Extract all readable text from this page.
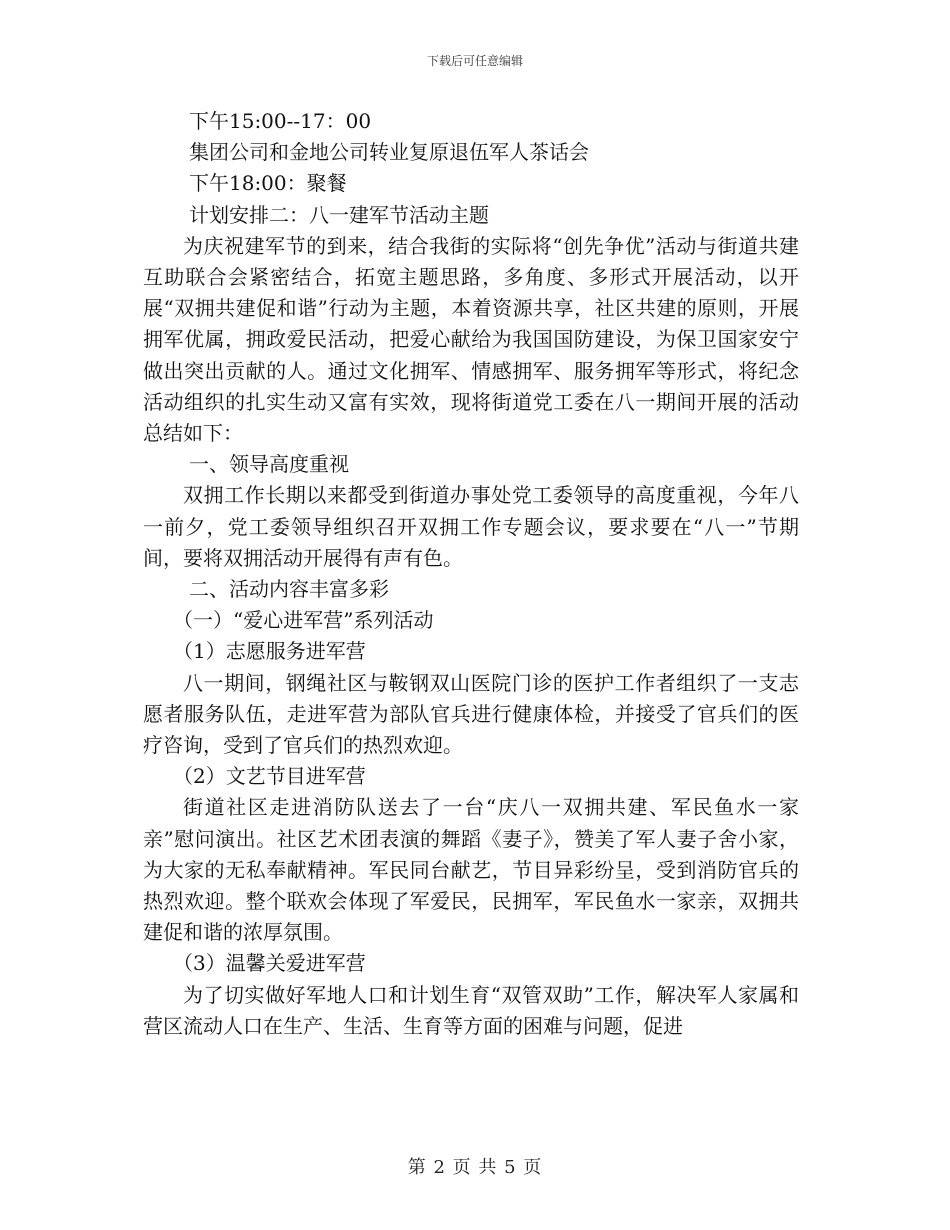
下载后可任意编辑

下午15:00--17：00

集团公司和金地公司转业复原退伍军人茶话会

下午18:00：聚餐

计划安排二：八一建军节活动主题

为庆祝建军节的到来，结合我街的实际将“创先争优”活动与街道共建互助联合会紧密结合，拓宽主题思路，多角度、多形式开展活动，以开展“双拥共建促和谐”行动为主题，本着资源共享，社区共建的原则，开展拥军优属，拥政爱民活动，把爱心献给为我国国防建设，为保卫国家安宁做出突出贡献的人。通过文化拥军、情感拥军、服务拥军等形式，将纪念活动组织的扎实生动又富有实效，现将街道党工委在八一期间开展的活动总结如下：

一、领导高度重视

双拥工作长期以来都受到街道办事处党工委领导的高度重视，今年八一前夕，党工委领导组织召开双拥工作专题会议，要求要在“八一”节期间，要将双拥活动开展得有声有色。

二、活动内容丰富多彩

（一）“爱心进军营”系列活动

（1）志愿服务进军营

八一期间，钢绳社区与鞍钢双山医院门诊的医护工作者组织了一支志愿者服务队伍，走进军营为部队官兵进行健康体检，并接受了官兵们的医疗咨询，受到了官兵们的热烈欢迎。

（2）文艺节目进军营

街道社区走进消防队送去了一台“庆八一双拥共建、军民鱼水一家亲”慰问演出。社区艺术团表演的舞蹈《妻子》，赞美了军人妻子舍小家，为大家的无私奉献精神。军民同台献艺，节目异彩纷呈，受到消防官兵的热烈欢迎。整个联欢会体现了军爱民，民拥军，军民鱼水一家亲，双拥共建促和谐的浓厚氛围。

（3）温馨关爱进军营

为了切实做好军地人口和计划生育“双管双助”工作，解决军人家属和营区流动人口在生产、生活、生育等方面的困难与问题，促进

第 2 页 共 5 页
